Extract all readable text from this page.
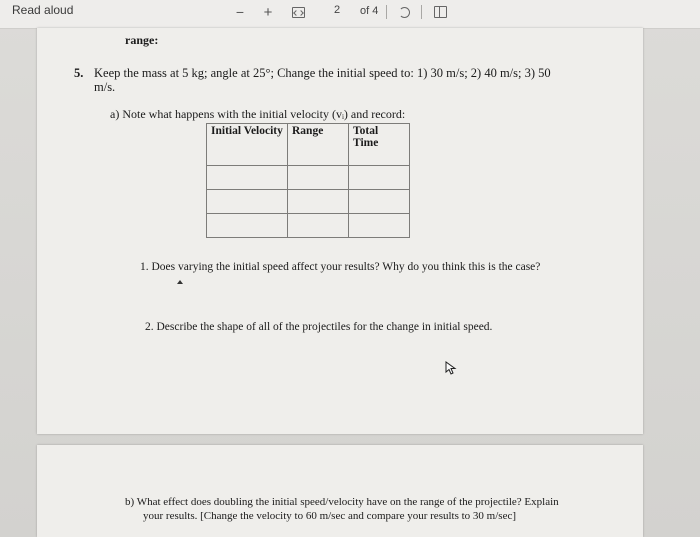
Read aloud	− +	2	of 4
range:
5. Keep the mass at 5 kg; angle at 25°; Change the initial speed to: 1) 30 m/s; 2) 40 m/s; 3) 50
m/s.
a) Note what happens with the initial velocity (vᵢ) and record:
Initial Velocity	Range	Total
Time

1. Does varying the initial speed affect your results? Why do you think this is the case?
2. Describe the shape of all of the projectiles for the change in initial speed.
b) What effect does doubling the initial speed/velocity have on the range of the projectile? Explain
your results. [Change the velocity to 60 m/sec and compare your results to 30 m/sec]
